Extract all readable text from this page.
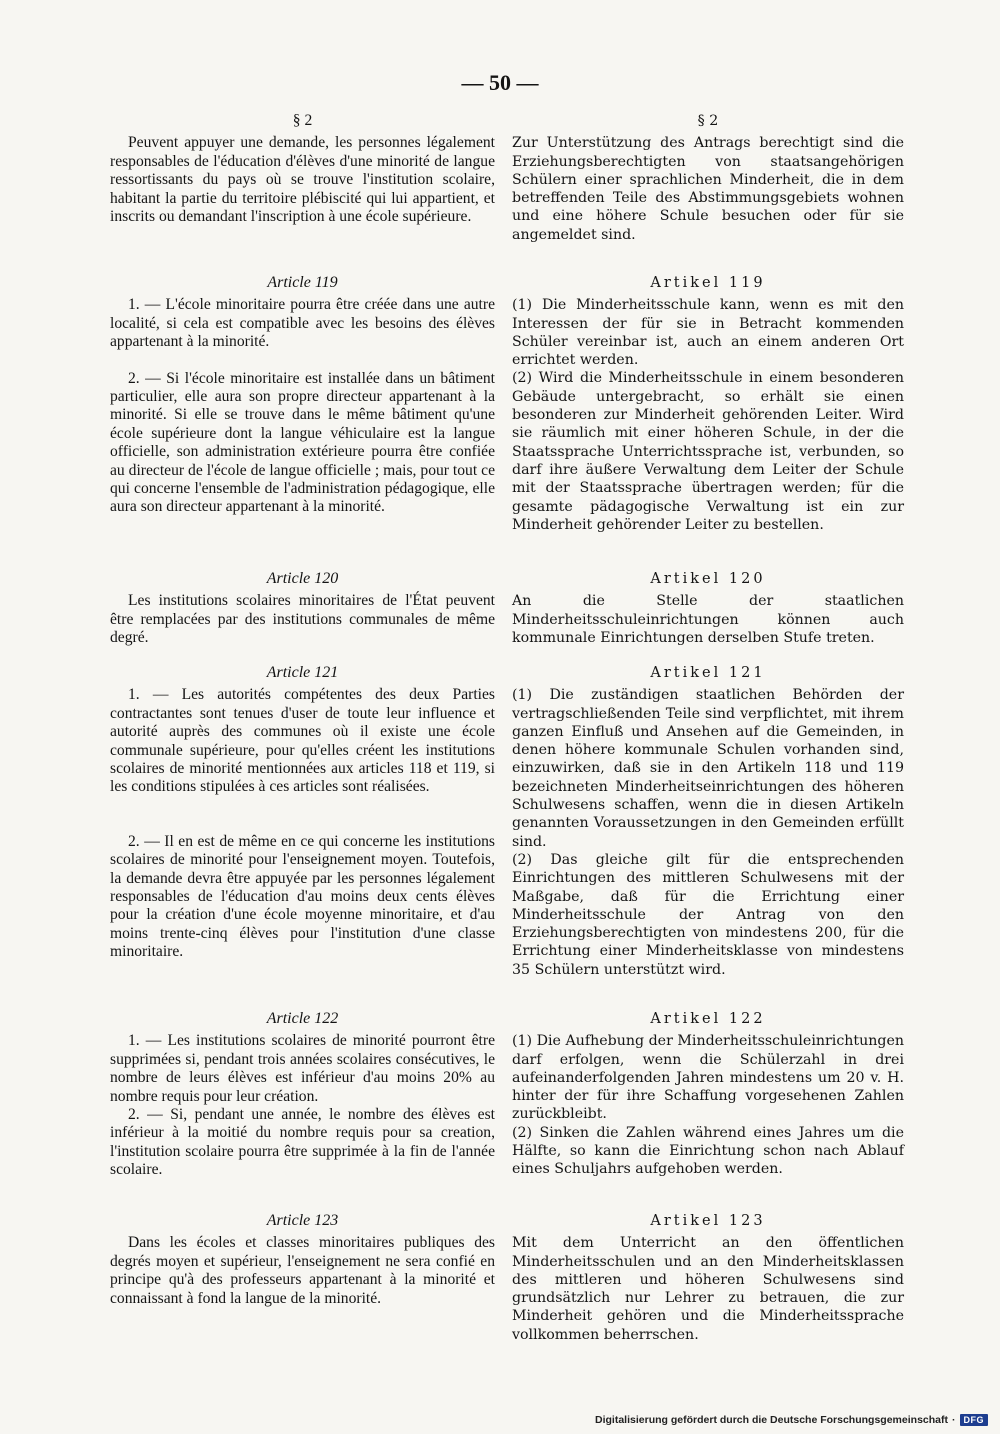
— 50 —
§ 2

Peuvent appuyer une demande, les personnes légalement responsables de l'éducation d'élèves d'une minorité de langue ressortissants du pays où se trouve l'institution scolaire, habitant la partie du territoire plébiscité qui lui appartient, et inscrits ou demandant l'inscription à une école supérieure.

Article 119

1. — L'école minoritaire pourra être créée dans une autre localité, si cela est compatible avec les besoins des élèves appartenant à la minorité.

2. — Si l'école minoritaire est installée dans un bâtiment particulier, elle aura son propre directeur appartenant à la minorité. Si elle se trouve dans le même bâtiment qu'une école supérieure dont la langue véhiculaire est la langue officielle, son administration extérieure pourra être confiée au directeur de l'école de langue officielle ; mais, pour tout ce qui concerne l'ensemble de l'administration pédagogique, elle aura son directeur appartenant à la minorité.

Article 120

Les institutions scolaires minoritaires de l'État peuvent être remplacées par des institutions communales de même degré.

Article 121

1. — Les autorités compétentes des deux Parties contractantes sont tenues d'user de toute leur influence et autorité auprès des communes où il existe une école communale supérieure, pour qu'elles créent les institutions scolaires de minorité mentionnées aux articles 118 et 119, si les conditions stipulées à ces articles sont réalisées.

2. — Il en est de même en ce qui concerne les institutions scolaires de minorité pour l'enseignement moyen. Toutefois, la demande devra être appuyée par les personnes légalement responsables de l'éducation d'au moins deux cents élèves pour la création d'une école moyenne minoritaire, et d'au moins trente-cinq élèves pour l'institution d'une classe minoritaire.

Article 122

1. — Les institutions scolaires de minorité pourront être supprimées si, pendant trois années scolaires consécutives, le nombre de leurs élèves est inférieur d'au moins 20% au nombre requis pour leur création.

2. — Si, pendant une année, le nombre des élèves est inférieur à la moitié du nombre requis pour sa creation, l'institution scolaire pourra être supprimée à la fin de l'année scolaire.

Article 123

Dans les écoles et classes minoritaires publiques des degrés moyen et supérieur, l'enseignement ne sera confié en principe qu'à des professeurs appartenant à la minorité et connaissant à fond la langue de la minorité.

§ 2

Zur Unterstützung des Antrags berechtigt sind die Erziehungsberechtigten von staatsangehörigen Schülern einer sprachlichen Minderheit, die in dem betreffenden Teile des Abstimmungsgebiets wohnen und eine höhere Schule besuchen oder für sie angemeldet sind.

Artikel 119

(1) Die Minderheitsschule kann, wenn es mit den Interessen der für sie in Betracht kommenden Schüler vereinbar ist, auch an einem anderen Ort errichtet werden.

(2) Wird die Minderheitsschule in einem besonderen Gebäude untergebracht, so erhält sie einen besonderen zur Minderheit gehörenden Leiter. Wird sie räumlich mit einer höheren Schule, in der die Staatssprache Unterrichtssprache ist, verbunden, so darf ihre äußere Verwaltung dem Leiter der Schule mit der Staatssprache übertragen werden; für die gesamte pädagogische Verwaltung ist ein zur Minderheit gehörender Leiter zu bestellen.

Artikel 120

An die Stelle der staatlichen Minderheitsschuleinrichtungen können auch kommunale Einrichtungen derselben Stufe treten.

Artikel 121

(1) Die zuständigen staatlichen Behörden der vertragschließenden Teile sind verpflichtet, mit ihrem ganzen Einfluß und Ansehen auf die Gemeinden, in denen höhere kommunale Schulen vorhanden sind, einzuwirken, daß sie in den Artikeln 118 und 119 bezeichneten Minderheitseinrichtungen des höheren Schulwesens schaffen, wenn die in diesen Artikeln genannten Voraussetzungen in den Gemeinden erfüllt sind.

(2) Das gleiche gilt für die entsprechenden Einrichtungen des mittleren Schulwesens mit der Maßgabe, daß für die Errichtung einer Minderheitsschule der Antrag von den Erziehungsberechtigten von mindestens 200, für die Errichtung einer Minderheitsklasse von mindestens 35 Schülern unterstützt wird.

Artikel 122

(1) Die Aufhebung der Minderheitsschuleinrichtungen darf erfolgen, wenn die Schülerzahl in drei aufeinanderfolgenden Jahren mindestens um 20 v. H. hinter der für ihre Schaffung vorgesehenen Zahlen zurückbleibt.

(2) Sinken die Zahlen während eines Jahres um die Hälfte, so kann die Einrichtung schon nach Ablauf eines Schuljahrs aufgehoben werden.

Artikel 123

Mit dem Unterricht an den öffentlichen Minderheitsschulen und an den Minderheitsklassen des mittleren und höheren Schulwesens sind grundsätzlich nur Lehrer zu betrauen, die zur Minderheit gehören und die Minderheitssprache vollkommen beherrschen.

Digitalisierung gefördert durch die Deutsche Forschungsgemeinschaft · DFG
